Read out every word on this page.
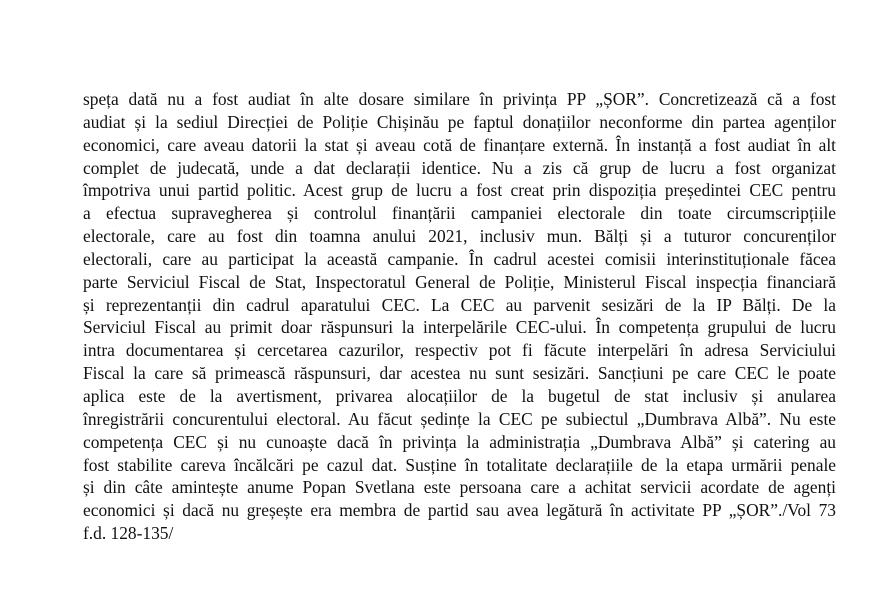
speța dată nu a fost audiat în alte dosare similare în privința PP „ȘOR”. Concretizează că a fost
audiat și la sediul Direcției de Poliție Chișinău pe faptul donațiilor neconforme din partea agenților
economici, care aveau datorii la stat și aveau cotă de finanțare externă. În instanță a fost audiat în alt
complet de judecată, unde a dat declarații identice. Nu a zis că grup de lucru a fost organizat
împotriva unui partid politic. Acest grup de lucru a fost creat prin dispoziția președintei CEC pentru
a efectua supravegherea și controlul finanțării campaniei electorale din toate circumscripțiile
electorale, care au fost din toamna anului 2021, inclusiv mun. Bălți și a tuturor concurenților
electorali, care au participat la această campanie. În cadrul acestei comisii interinstituționale făcea
parte Serviciul Fiscal de Stat, Inspectoratul General de Poliție, Ministerul Fiscal inspecția financiară
și reprezentanții din cadrul aparatului CEC. La CEC au parvenit sesizări de la IP Bălți. De la
Serviciul Fiscal au primit doar răspunsuri la interpelările CEC-ului. În competența grupului de lucru
intra documentarea și cercetarea cazurilor, respectiv pot fi făcute interpelări în adresa Serviciului
Fiscal la care să primească răspunsuri, dar acestea nu sunt sesizări. Sancțiuni pe care CEC le poate
aplica este de la avertisment, privarea alocațiilor de la bugetul de stat inclusiv și anularea
înregistrării concurentului electoral. Au făcut ședințe la CEC pe subiectul „Dumbrava Albă”. Nu este
competența CEC și nu cunoaște dacă în privința la administrația „Dumbrava Albă” și catering au
fost stabilite careva încălcări pe cazul dat. Susține în totalitate declarațiile de la etapa urmării penale
și din câte amintește anume Popan Svetlana este persoana care a achitat servicii acordate de agenți
economici și dacă nu greșește era membra de partid sau avea legătură în activitate PP „ȘOR”./Vol 73
f.d. 128-135/
